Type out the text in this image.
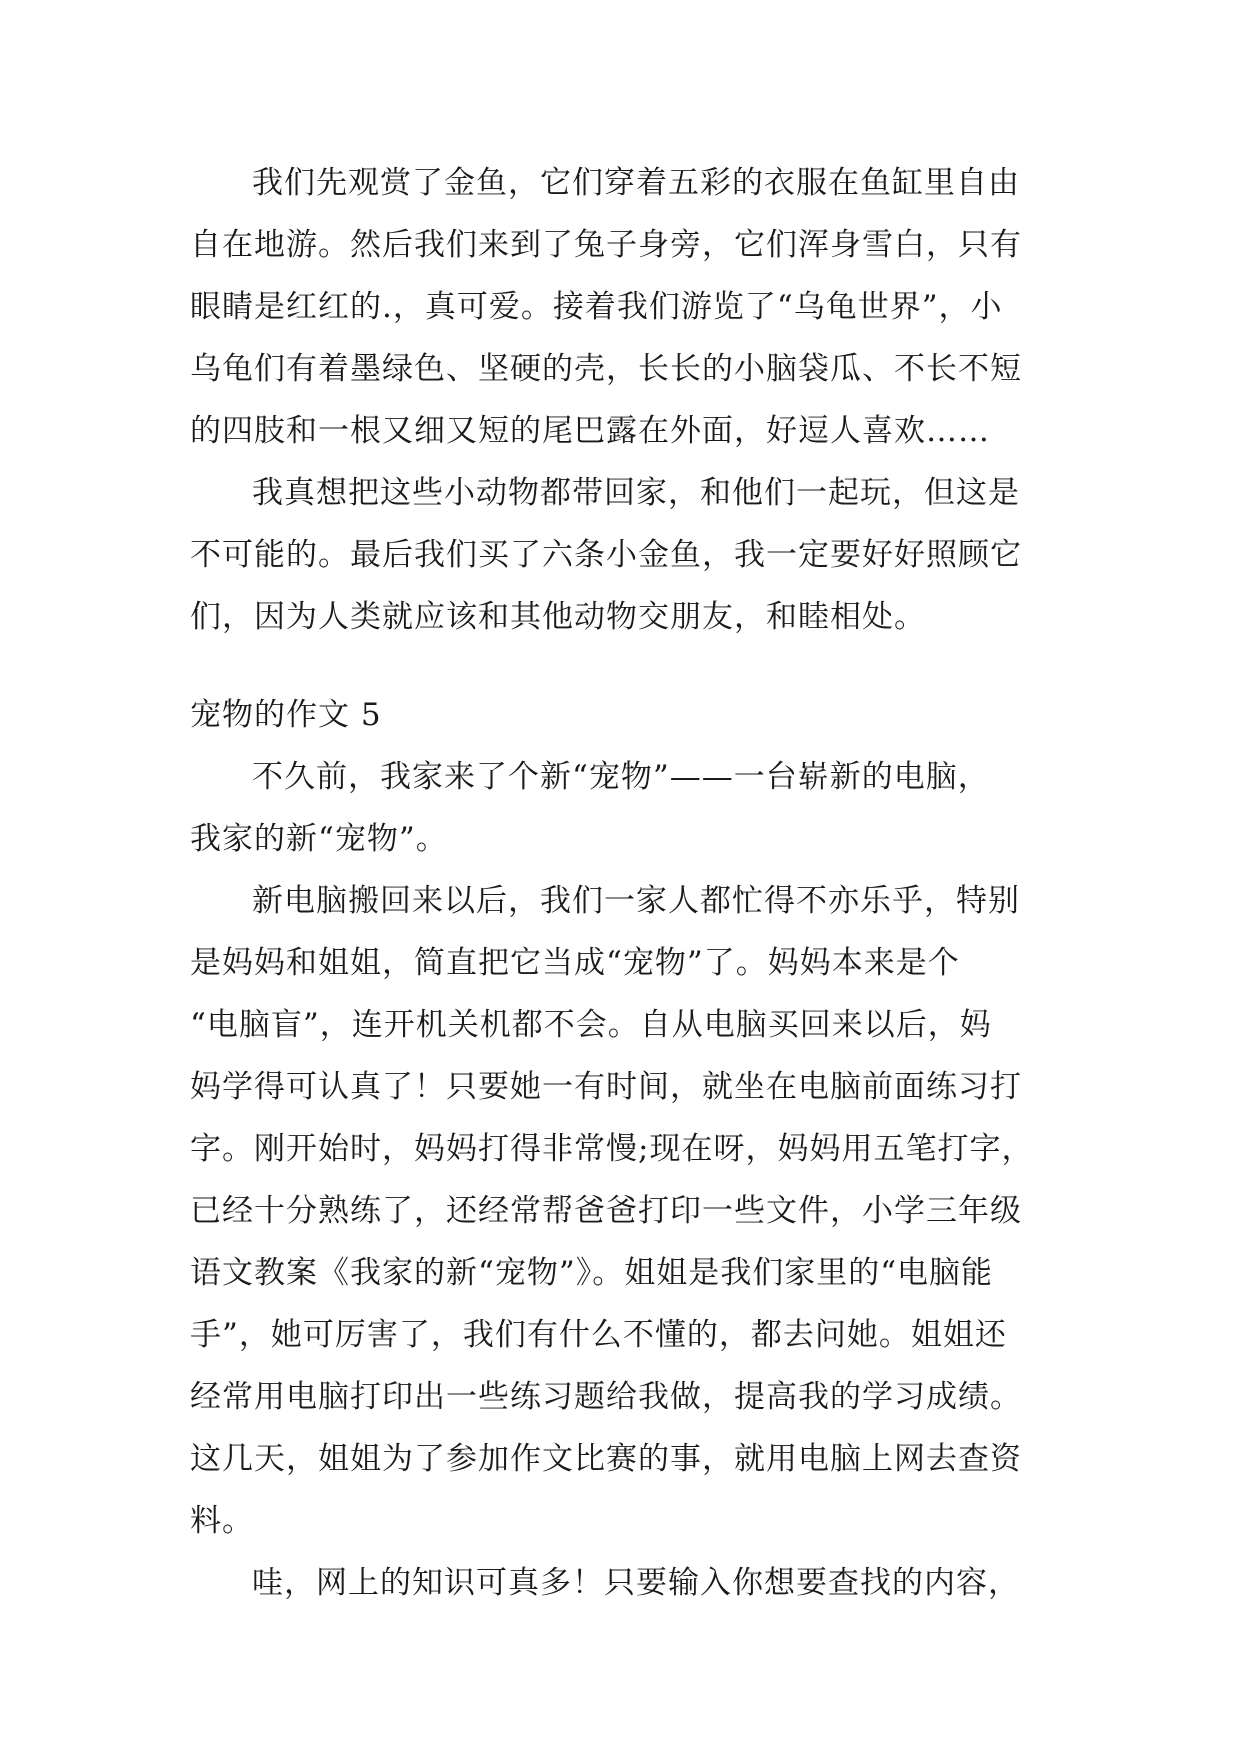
我们先观赏了金鱼，它们穿着五彩的衣服在鱼缸里自由
自在地游。然后我们来到了兔子身旁，它们浑身雪白，只有
眼睛是红红的.，真可爱。接着我们游览了“乌龟世界”，小
乌龟们有着墨绿色、坚硬的壳，长长的小脑袋瓜、不长不短
的四肢和一根又细又短的尾巴露在外面，好逗人喜欢……

我真想把这些小动物都带回家，和他们一起玩，但这是
不可能的。最后我们买了六条小金鱼，我一定要好好照顾它
们，因为人类就应该和其他动物交朋友，和睦相处。

宠物的作文 5

不久前，我家来了个新“宠物”——一台崭新的电脑，
我家的新“宠物”。

新电脑搬回来以后，我们一家人都忙得不亦乐乎，特别
是妈妈和姐姐，简直把它当成“宠物”了。妈妈本来是个
“电脑盲”，连开机关机都不会。自从电脑买回来以后，妈
妈学得可认真了！只要她一有时间，就坐在电脑前面练习打
字。刚开始时，妈妈打得非常慢;现在呀，妈妈用五笔打字，
已经十分熟练了，还经常帮爸爸打印一些文件，小学三年级
语文教案《我家的新“宠物”》。姐姐是我们家里的“电脑能
手”，她可厉害了，我们有什么不懂的，都去问她。姐姐还
经常用电脑打印出一些练习题给我做，提高我的学习成绩。
这几天，姐姐为了参加作文比赛的事，就用电脑上网去查资
料。

哇，网上的知识可真多！只要输入你想要查找的内容，
